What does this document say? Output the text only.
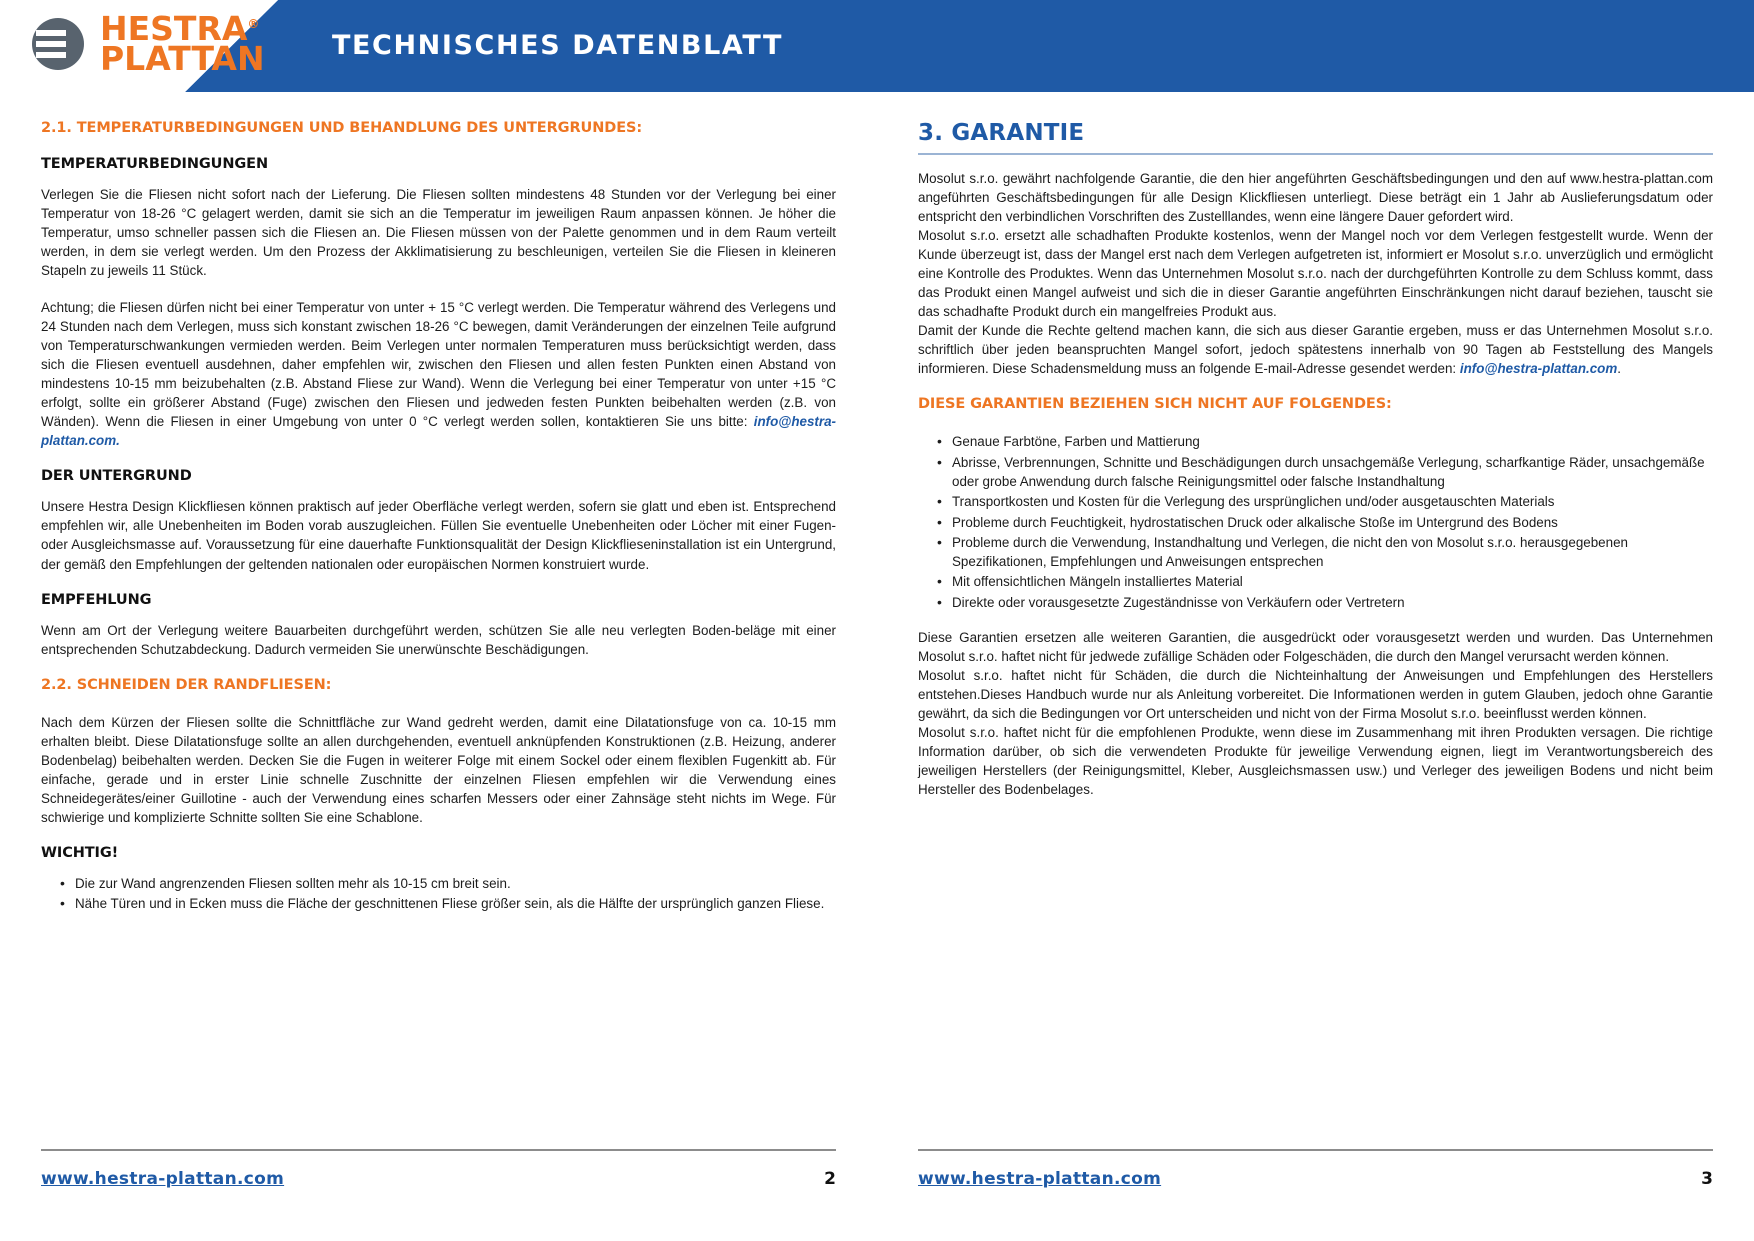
HESTRA®
PLATTAN TECHNISCHES DATENBLATT
2.1. TEMPERATURBEDINGUNGEN UND BEHANDLUNG DES UNTERGRUNDES:
TEMPERATURBEDINGUNGEN

Verlegen Sie die Fliesen nicht sofort nach der Lieferung. Die Fliesen sollten mindestens 48 Stunden vor der Verlegung bei einer Temperatur von 18-26 °C gelagert werden, damit sie sich an die Temperatur im jeweiligen Raum anpassen können. Je höher die Temperatur, umso schneller passen sich die Fliesen an. Die Fliesen müssen von der Palette genommen und in dem Raum verteilt werden, in dem sie verlegt werden. Um den Prozess der Akklimatisierung zu beschleunigen, verteilen Sie die Fliesen in kleineren Stapeln zu jeweils 11 Stück.

Achtung; die Fliesen dürfen nicht bei einer Temperatur von unter + 15 °C verlegt werden. Die Temperatur während des Verlegens und 24 Stunden nach dem Verlegen, muss sich konstant zwischen 18-26 °C bewegen, damit Veränderungen der einzelnen Teile aufgrund von Temperaturschwankungen vermieden werden. Beim Verlegen unter normalen Temperaturen muss berücksichtigt werden, dass sich die Fliesen eventuell ausdehnen, daher empfehlen wir, zwischen den Fliesen und allen festen Punkten einen Abstand von mindestens 10-15 mm beizubehalten (z.B. Abstand Fliese zur Wand). Wenn die Verlegung bei einer Temperatur von unter +15 °C erfolgt, sollte ein größerer Abstand (Fuge) zwischen den Fliesen und jedweden festen Punkten beibehalten werden (z.B. von Wänden). Wenn die Fliesen in einer Umgebung von unter 0 °C verlegt werden sollen, kontaktieren Sie uns bitte: info@hestra-plattan.com.

DER UNTERGRUND

Unsere Hestra Design Klickfliesen können praktisch auf jeder Oberfläche verlegt werden, sofern sie glatt und eben ist. Entsprechend empfehlen wir, alle Unebenheiten im Boden vorab auszugleichen. Füllen Sie eventuelle Unebenheiten oder Löcher mit einer Fugen- oder Ausgleichsmasse auf. Voraussetzung für eine dauerhafte Funktionsqualität der Design Klickflieseninstallation ist ein Untergrund, der gemäß den Empfehlungen der geltenden nationalen oder europäischen Normen konstruiert wurde.

EMPFEHLUNG

Wenn am Ort der Verlegung weitere Bauarbeiten durchgeführt werden, schützen Sie alle neu verlegten Boden-beläge mit einer entsprechenden Schutzabdeckung. Dadurch vermeiden Sie unerwünschte Beschädigungen.

2.2. SCHNEIDEN DER RANDFLIESEN:

Nach dem Kürzen der Fliesen sollte die Schnittfläche zur Wand gedreht werden, damit eine Dilatationsfuge von ca. 10-15 mm erhalten bleibt. Diese Dilatationsfuge sollte an allen durchgehenden, eventuell anknüpfenden Konstruktionen (z.B. Heizung, anderer Bodenbelag) beibehalten werden. Decken Sie die Fugen in weiterer Folge mit einem Sockel oder einem flexiblen Fugenkitt ab. Für einfache, gerade und in erster Linie schnelle Zuschnitte der einzelnen Fliesen empfehlen wir die Verwendung eines Schneidegerätes/einer Guillotine - auch der Verwendung eines scharfen Messers oder einer Zahnsäge steht nichts im Wege. Für schwierige und komplizierte Schnitte sollten Sie eine Schablone.

WICHTIG!
• Die zur Wand angrenzenden Fliesen sollten mehr als 10-15 cm breit sein.
• Nähe Türen und in Ecken muss die Fläche der geschnittenen Fliese größer sein, als die Hälfte der ursprünglich ganzen Fliese.
www.hestra-plattan.com	2
3. GARANTIE

Mosolut s.r.o. gewährt nachfolgende Garantie, die den hier angeführten Geschäftsbedingungen und den auf www.hestra-plattan.com angeführten Geschäftsbedingungen für alle Design Klickfliesen unterliegt. Diese beträgt ein 1 Jahr ab Auslieferungsdatum oder entspricht den verbindlichen Vorschriften des Zustelllandes, wenn eine längere Dauer gefordert wird.

Mosolut s.r.o. ersetzt alle schadhaften Produkte kostenlos, wenn der Mangel noch vor dem Verlegen festgestellt wurde. Wenn der Kunde überzeugt ist, dass der Mangel erst nach dem Verlegen aufgetreten ist, informiert er Mosolut s.r.o. unverzüglich und ermöglicht eine Kontrolle des Produktes. Wenn das Unternehmen Mosolut s.r.o. nach der durchgeführten Kontrolle zu dem Schluss kommt, dass das Produkt einen Mangel aufweist und sich die in dieser Garantie angeführten Einschränkungen nicht darauf beziehen, tauscht sie das schadhafte Produkt durch ein mangelfreies Produkt aus.

Damit der Kunde die Rechte geltend machen kann, die sich aus dieser Garantie ergeben, muss er das Unternehmen Mosolut s.r.o. schriftlich über jeden beanspruchten Mangel sofort, jedoch spätestens innerhalb von 90 Tagen ab Feststellung des Mangels informieren. Diese Schadensmeldung muss an folgende E-mail-Adresse gesendet werden: info@hestra-plattan.com.

DIESE GARANTIEN BEZIEHEN SICH NICHT AUF FOLGENDES:
• Genaue Farbtöne, Farben und Mattierung
• Abrisse, Verbrennungen, Schnitte und Beschädigungen durch unsachgemäße Verlegung, scharfkantige Räder, unsachgemäße oder grobe Anwendung durch falsche Reinigungsmittel oder falsche Instandhaltung
• Transportkosten und Kosten für die Verlegung des ursprünglichen und/oder ausgetauschten Materials
• Probleme durch Feuchtigkeit, hydrostatischen Druck oder alkalische Stoße im Untergrund des Bodens
• Probleme durch die Verwendung, Instandhaltung und Verlegen, die nicht den von Mosolut s.r.o. herausgegebenen Spezifikationen, Empfehlungen und Anweisungen entsprechen
• Mit offensichtlichen Mängeln installiertes Material
• Direkte oder vorausgesetzte Zugeständnisse von Verkäufern oder Vertretern

Diese Garantien ersetzen alle weiteren Garantien, die ausgedrückt oder vorausgesetzt werden und wurden. Das Unternehmen Mosolut s.r.o. haftet nicht für jedwede zufällige Schäden oder Folgeschäden, die durch den Mangel verursacht werden können.

Mosolut s.r.o. haftet nicht für Schäden, die durch die Nichteinhaltung der Anweisungen und Empfehlungen des Herstellers entstehen.Dieses Handbuch wurde nur als Anleitung vorbereitet. Die Informationen werden in gutem Glauben, jedoch ohne Garantie gewährt, da sich die Bedingungen vor Ort unterscheiden und nicht von der Firma Mosolut s.r.o. beeinflusst werden können.

Mosolut s.r.o. haftet nicht für die empfohlenen Produkte, wenn diese im Zusammenhang mit ihren Produkten versagen. Die richtige Information darüber, ob sich die verwendeten Produkte für jeweilige Verwendung eignen, liegt im Verantwortungsbereich des jeweiligen Herstellers (der Reinigungsmittel, Kleber, Ausgleichsmassen usw.) und Verleger des jeweiligen Bodens und nicht beim Hersteller des Bodenbelages.

www.hestra-plattan.com	3
